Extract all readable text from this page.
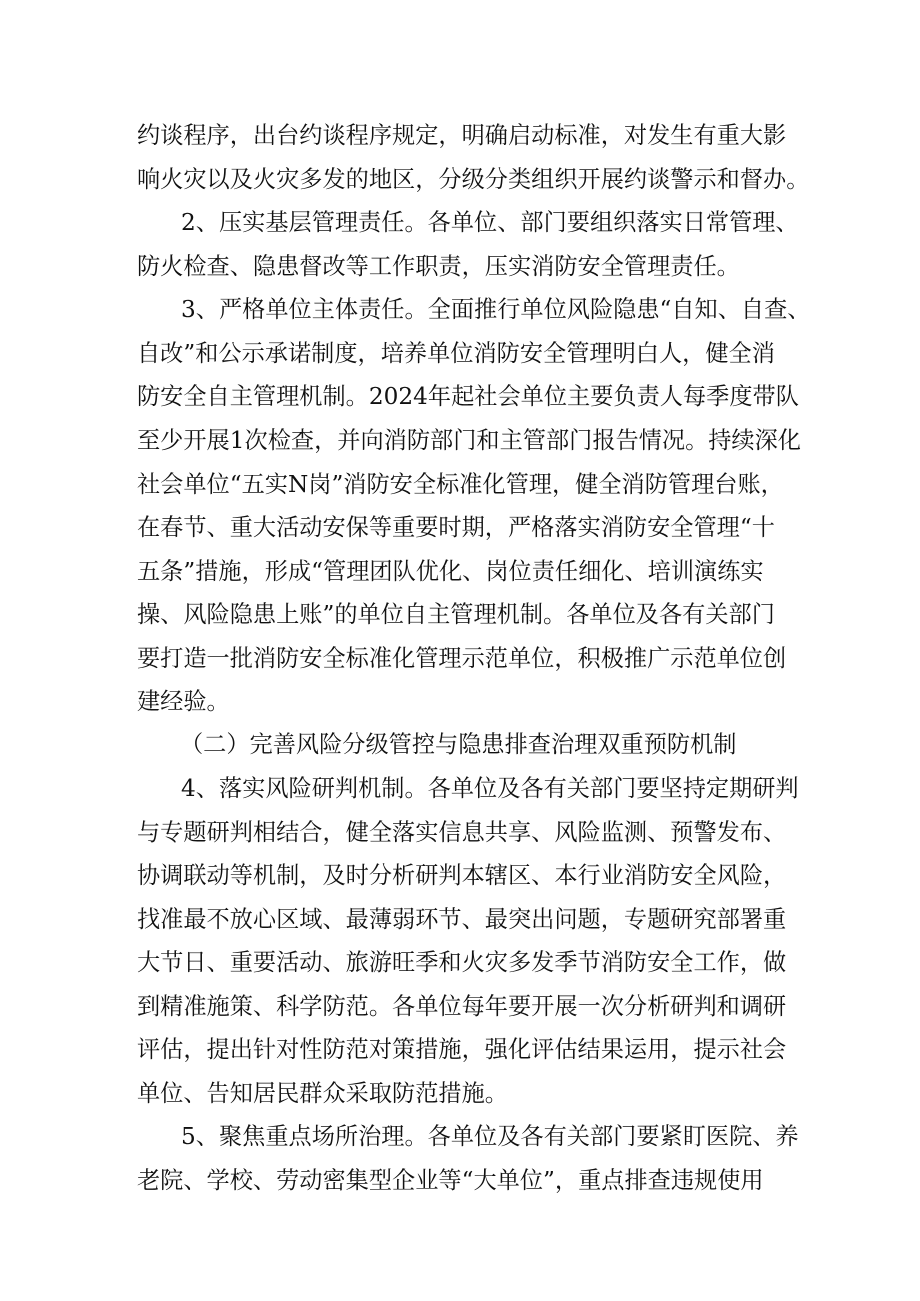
约谈程序，出台约谈程序规定，明确启动标准，对发生有重大影
响火灾以及火灾多发的地区，分级分类组织开展约谈警示和督办。
2、压实基层管理责任。各单位、部门要组织落实日常管理、
防火检查、隐患督改等工作职责，压实消防安全管理责任。
3、严格单位主体责任。全面推行单位风险隐患“自知、自查、
自改”和公示承诺制度，培养单位消防安全管理明白人，健全消
防安全自主管理机制。2024年起社会单位主要负责人每季度带队
至少开展1次检查，并向消防部门和主管部门报告情况。持续深化
社会单位“五实N岗”消防安全标准化管理，健全消防管理台账，
在春节、重大活动安保等重要时期，严格落实消防安全管理“十
五条”措施，形成“管理团队优化、岗位责任细化、培训演练实
操、风险隐患上账”的单位自主管理机制。各单位及各有关部门
要打造一批消防安全标准化管理示范单位，积极推广示范单位创
建经验。
（二）完善风险分级管控与隐患排查治理双重预防机制
4、落实风险研判机制。各单位及各有关部门要坚持定期研判
与专题研判相结合，健全落实信息共享、风险监测、预警发布、
协调联动等机制，及时分析研判本辖区、本行业消防安全风险，
找准最不放心区域、最薄弱环节、最突出问题，专题研究部署重
大节日、重要活动、旅游旺季和火灾多发季节消防安全工作，做
到精准施策、科学防范。各单位每年要开展一次分析研判和调研
评估，提出针对性防范对策措施，强化评估结果运用，提示社会
单位、告知居民群众采取防范措施。
5、聚焦重点场所治理。各单位及各有关部门要紧盯医院、养
老院、学校、劳动密集型企业等“大单位”，重点排查违规使用
